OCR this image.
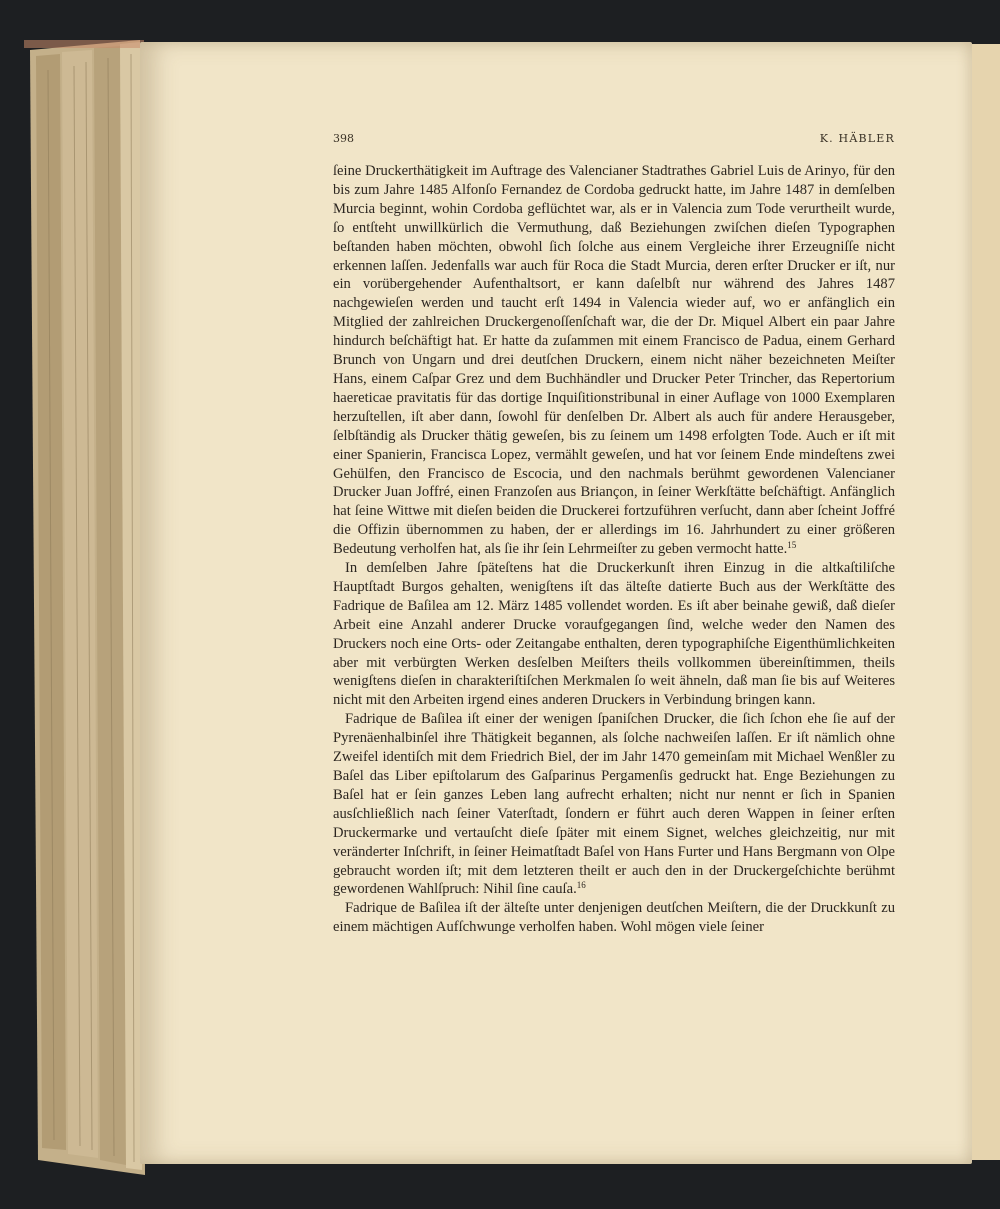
398	K. HÄBLER

ſeine Druckerthätigkeit im Auftrage des Valencianer Stadtrathes Gabriel Luis de Arinyo, für den bis zum Jahre 1485 Alfonſo Fernandez de Cordoba gedruckt hatte, im Jahre 1487 in demſelben Murcia beginnt, wohin Cordoba geflüchtet war, als er in Valencia zum Tode verurtheilt wurde, ſo entſteht unwillkürlich die Vermuthung, daß Beziehungen zwiſchen dieſen Typographen beſtanden haben möchten, obwohl ſich ſolche aus einem Vergleiche ihrer Erzeugniſſe nicht erkennen laſſen. Jedenfalls war auch für Roca die Stadt Murcia, deren erſter Drucker er iſt, nur ein vorübergehender Aufenthaltsort, er kann daſelbſt nur während des Jahres 1487 nachgewieſen werden und taucht erſt 1494 in Valencia wieder auf, wo er anfänglich ein Mitglied der zahlreichen Druckergenoſſenſchaft war, die der Dr. Miquel Albert ein paar Jahre hindurch beſchäftigt hat. Er hatte da zuſammen mit einem Francisco de Padua, einem Gerhard Brunch von Ungarn und drei deutſchen Druckern, einem nicht näher bezeichneten Meiſter Hans, einem Caſpar Grez und dem Buchhändler und Drucker Peter Trincher, das Repertorium haereticae pravitatis für das dortige Inquiſitionstribunal in einer Auflage von 1000 Exemplaren herzuſtellen, iſt aber dann, ſowohl für denſelben Dr. Albert als auch für andere Herausgeber, ſelbſtändig als Drucker thätig geweſen, bis zu ſeinem um 1498 erfolgten Tode. Auch er iſt mit einer Spanierin, Francisca Lopez, vermählt geweſen, und hat vor ſeinem Ende mindeſtens zwei Gehülfen, den Francisco de Escocia, und den nachmals berühmt gewordenen Valencianer Drucker Juan Joffré, einen Franzoſen aus Briançon, in ſeiner Werkſtätte beſchäftigt. Anfänglich hat ſeine Wittwe mit dieſen beiden die Druckerei fortzuführen verſucht, dann aber ſcheint Joffré die Offizin übernommen zu haben, der er allerdings im 16. Jahrhundert zu einer größeren Bedeutung verholfen hat, als ſie ihr ſein Lehrmeiſter zu geben vermocht hatte.$^{15}$

In demſelben Jahre ſpäteſtens hat die Druckerkunſt ihren Einzug in die altkaſtiliſche Hauptſtadt Burgos gehalten, wenigſtens iſt das älteſte datierte Buch aus der Werkſtätte des Fadrique de Baſilea am 12. März 1485 vollendet worden. Es iſt aber beinahe gewiß, daß dieſer Arbeit eine Anzahl anderer Drucke voraufgegangen ſind, welche weder den Namen des Druckers noch eine Orts- oder Zeitangabe enthalten, deren typographiſche Eigenthümlichkeiten aber mit verbürgten Werken desſelben Meiſters theils vollkommen übereinſtimmen, theils wenigſtens dieſen in charakteriſtiſchen Merkmalen ſo weit ähneln, daß man ſie bis auf Weiteres nicht mit den Arbeiten irgend eines anderen Druckers in Verbindung bringen kann.

Fadrique de Baſilea iſt einer der wenigen ſpaniſchen Drucker, die ſich ſchon ehe ſie auf der Pyrenäenhalbinſel ihre Thätigkeit begannen, als ſolche nachweiſen laſſen. Er iſt nämlich ohne Zweifel identiſch mit dem Friedrich Biel, der im Jahr 1470 gemeinſam mit Michael Wenßler zu Baſel das Liber epiſtolarum des Gaſparinus Pergamenſis gedruckt hat. Enge Beziehungen zu Baſel hat er ſein ganzes Leben lang aufrecht erhalten; nicht nur nennt er ſich in Spanien ausſchließlich nach ſeiner Vaterſtadt, ſondern er führt auch deren Wappen in ſeiner erſten Druckermarke und vertauſcht dieſe ſpäter mit einem Signet, welches gleichzeitig, nur mit veränderter Inſchrift, in ſeiner Heimatſtadt Baſel von Hans Furter und Hans Bergmann von Olpe gebraucht worden iſt; mit dem letzteren theilt er auch den in der Druckergeſchichte berühmt gewordenen Wahlſpruch: Nihil ſine cauſa.$^{16}$

Fadrique de Baſilea iſt der älteſte unter denjenigen deutſchen Meiſtern, die der Druckkunſt zu einem mächtigen Aufſchwunge verholfen haben. Wohl mögen viele ſeiner
